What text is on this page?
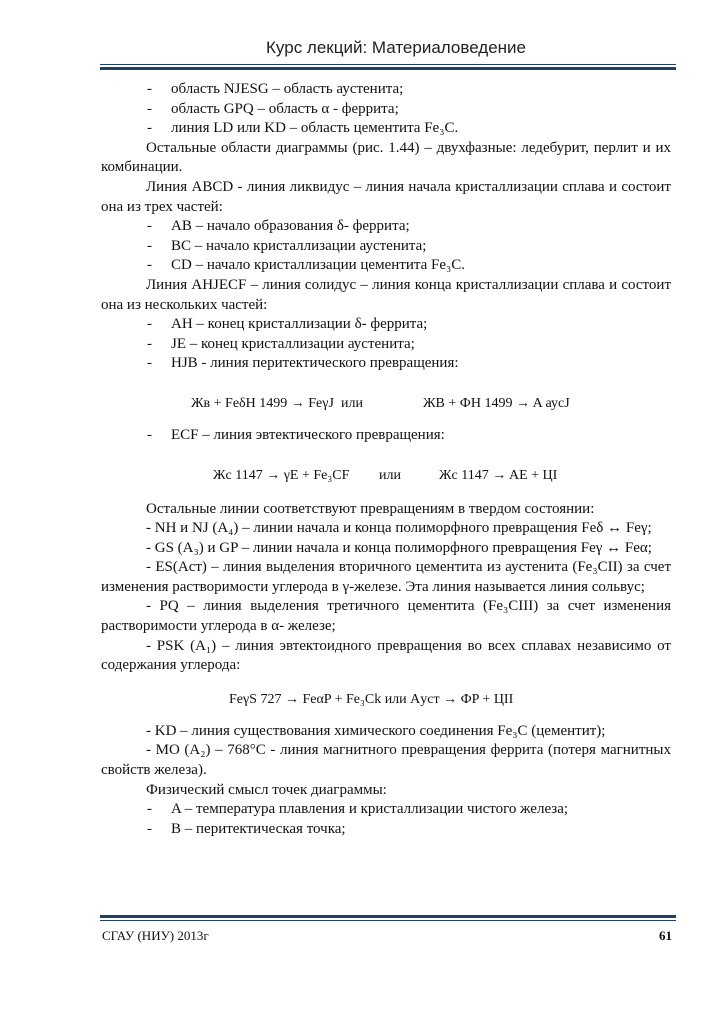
Курс лекций: Материаловедение
- область NJESG – область аустенита;
- область GPQ – область α - феррита;
- линия LD или KD – область цементита Fe₃C.
Остальные области диаграммы (рис. 1.44) – двухфазные: ледебурит, перлит и их комбинации.
Линия ABCD - линия ликвидус – линия начала кристаллизации сплава и состоит она из трех частей:
- AB – начало образования δ- феррита;
- BC – начало кристаллизации аустенита;
- CD – начало кристаллизации цементита Fe₃C.
Линия AHJECF – линия солидус – линия конца кристаллизации сплава и состоит она из нескольких частей:
- AH – конец кристаллизации δ- феррита;
- JE – конец кристаллизации аустенита;
- HJB - линия перитектического превращения:
Жв + FeδH 1499 → FeγJ или	ЖB + ФH 1499 → A аусJ
- ECF – линия эвтектического превращения:
Жc 1147 → γE + Fe₃CF или	Жc 1147 → AE + ЦI
Остальные линии соответствуют превращениям в твердом состоянии:
- NH и NJ (A₄) – линии начала и конца полиморфного превращения Feδ ↔ Feγ;
- GS (A₃) и GP – линии начала и конца полиморфного превращения Feγ ↔ Feα;
- ES(Aст) – линия выделения вторичного цементита из аустенита (Fe₃CII) за счет изменения растворимости углерода в γ-железе. Эта линия называется линия сольвус;
- PQ – линия выделения третичного цементита (Fe₃CIII) за счет изменения растворимости углерода в α- железе;
- PSK (A₁) – линия эвтектоидного превращения во всех сплавах независимо от содержания углерода:
FeγS 727 → FeαP + Fe₃Ck или Aуст → ФP + ЦII
- KD – линия существования химического соединения Fe₃C (цементит);
- MO (A₂) – 768°C - линия магнитного превращения феррита (потеря магнитных свойств железа).
Физический смысл точек диаграммы:
- A – температура плавления и кристаллизации чистого железа;
- B – перитектическая точка;
СГАУ (НИУ) 2013г	61
